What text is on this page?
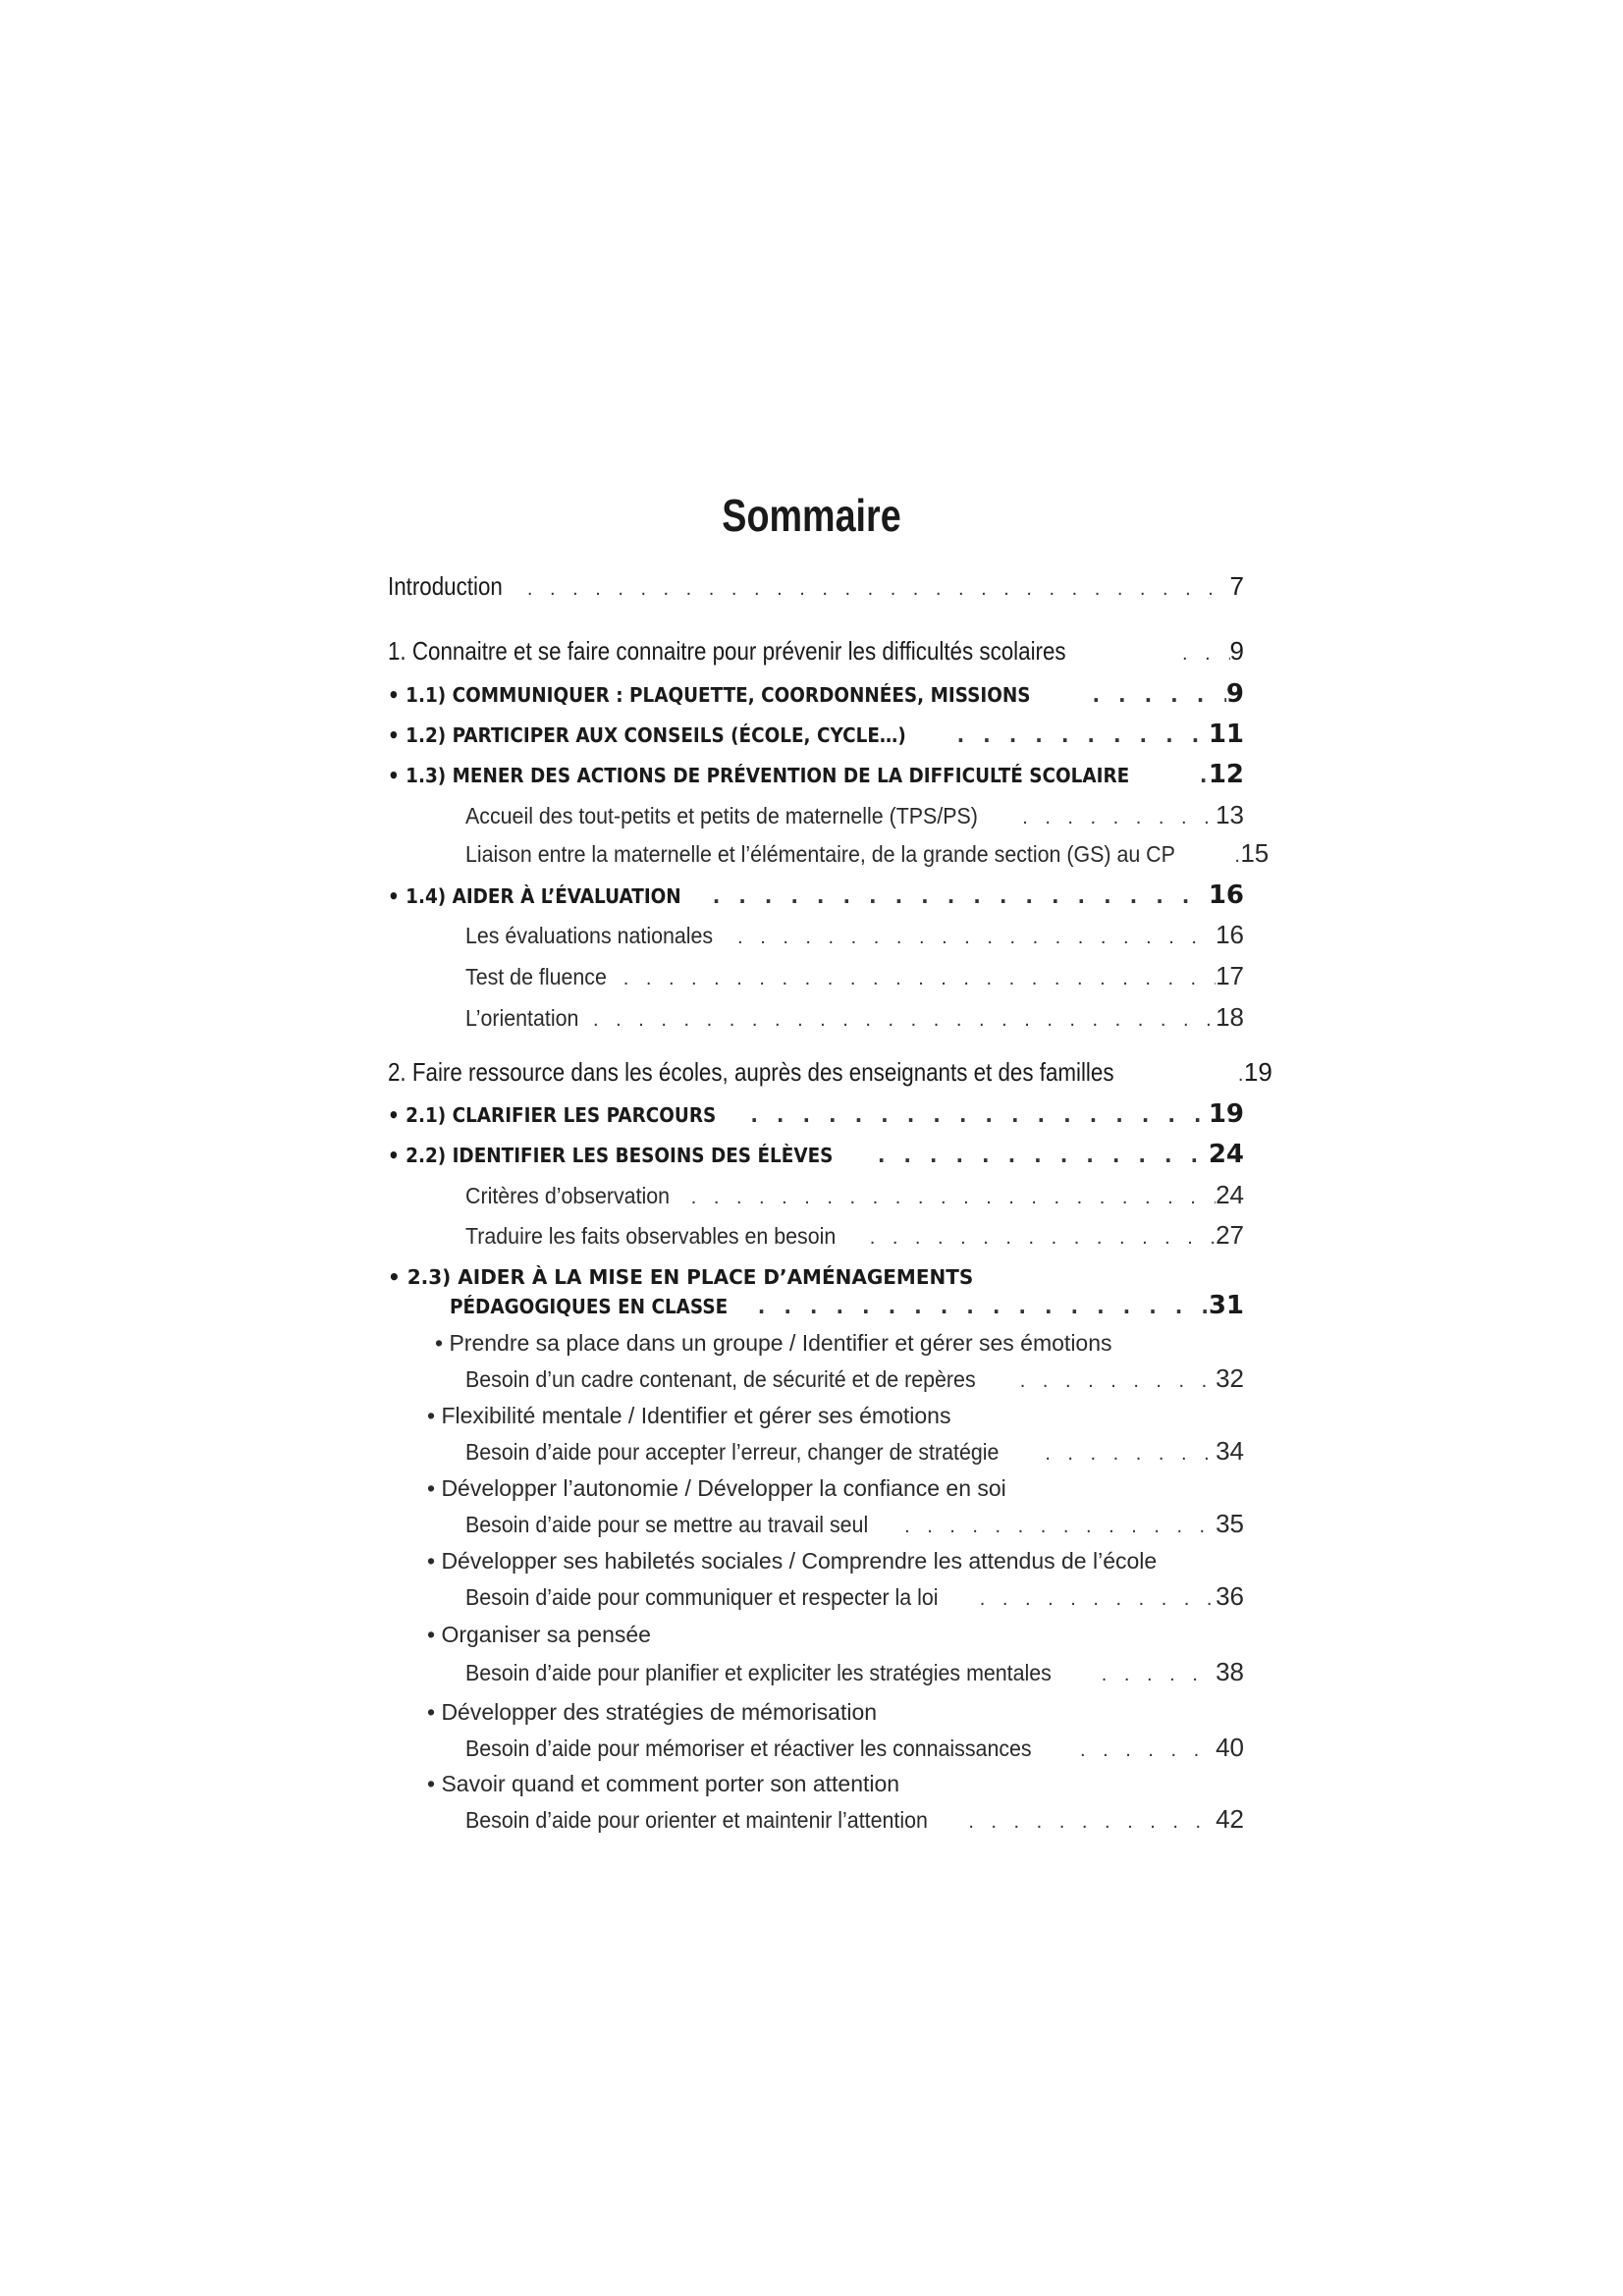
Sommaire
Introduction . . .	7
1. Connaitre et se faire connaitre pour prévenir les difficultés scolaires . . .	9
• 1.1) COMMUNIQUER : PLAQUETTE, COORDONNÉES, MISSIONS . . .	9
• 1.2) PARTICIPER AUX CONSEILS (ÉCOLE, CYCLE…) . . .	11
• 1.3) MENER DES ACTIONS DE PRÉVENTION DE LA DIFFICULTÉ SCOLAIRE . . .	12
Accueil des tout-petits et petits de maternelle (TPS/PS) . . .	13
Liaison entre la maternelle et l’élémentaire, de la grande section (GS) au CP . . .	15
• 1.4) AIDER À L’ÉVALUATION . . .	16
Les évaluations nationales . . .	16
Test de fluence . . .	17
L’orientation . . .	18
2. Faire ressource dans les écoles, auprès des enseignants et des familles . . .	19
• 2.1) CLARIFIER LES PARCOURS . . .	19
• 2.2) IDENTIFIER LES BESOINS DES ÉLÈVES . . .	24
Critères d’observation . . .	24
Traduire les faits observables en besoin . . .	27
• 2.3) AIDER À LA MISE EN PLACE D’AMÉNAGEMENTS
PÉDAGOGIQUES EN CLASSE . . .	31
• Prendre sa place dans un groupe / Identifier et gérer ses émotions
Besoin d’un cadre contenant, de sécurité et de repères . . .	32
• Flexibilité mentale / Identifier et gérer ses émotions
Besoin d’aide pour accepter l’erreur, changer de stratégie . . .	34
• Développer l’autonomie / Développer la confiance en soi
Besoin d’aide pour se mettre au travail seul . . .	35
• Développer ses habiletés sociales / Comprendre les attendus de l’école
Besoin d’aide pour communiquer et respecter la loi . . .	36
• Organiser sa pensée
Besoin d’aide pour planifier et expliciter les stratégies mentales . . .	38
• Développer des stratégies de mémorisation
Besoin d’aide pour mémoriser et réactiver les connaissances . . .	40
• Savoir quand et comment porter son attention
Besoin d’aide pour orienter et maintenir l’attention . . .	42
